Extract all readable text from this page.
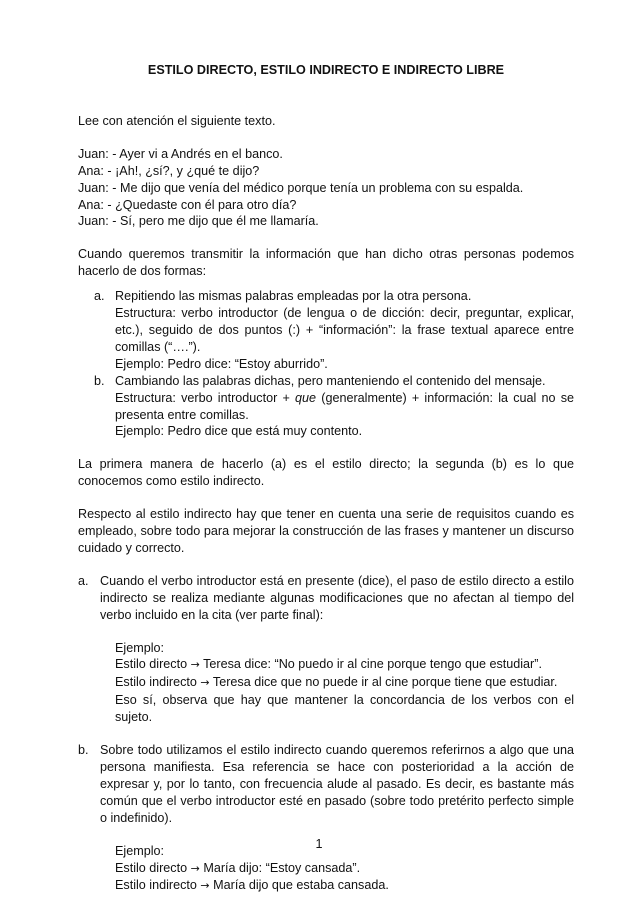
ESTILO DIRECTO, ESTILO INDIRECTO E INDIRECTO LIBRE

Lee con atención el siguiente texto.

Juan: - Ayer vi a Andrés en el banco.
Ana: - ¡Ah!, ¿sí?, y ¿qué te dijo?
Juan: - Me dijo que venía del médico porque tenía un problema con su espalda.
Ana: - ¿Quedaste con él para otro día?
Juan: - Sí, pero me dijo que él me llamaría.

Cuando queremos transmitir la información que han dicho otras personas podemos hacerlo de dos formas:

a. Repitiendo las mismas palabras empleadas por la otra persona.
Estructura: verbo introductor (de lengua o de dicción: decir, preguntar, explicar, etc.), seguido de dos puntos (:) + “información”: la frase textual aparece entre comillas (“….”).
Ejemplo: Pedro dice: “Estoy aburrido”.
b. Cambiando las palabras dichas, pero manteniendo el contenido del mensaje.
Estructura: verbo introductor + que (generalmente) + información: la cual no se presenta entre comillas.
Ejemplo: Pedro dice que está muy contento.

La primera manera de hacerlo (a) es el estilo directo; la segunda (b) es lo que conocemos como estilo indirecto.

Respecto al estilo indirecto hay que tener en cuenta una serie de requisitos cuando es empleado, sobre todo para mejorar la construcción de las frases y mantener un discurso cuidado y correcto.

a. Cuando el verbo introductor está en presente (dice), el paso de estilo directo a estilo indirecto se realiza mediante algunas modificaciones que no afectan al tiempo del verbo incluido en la cita (ver parte final):
Ejemplo:
Estilo directo → Teresa dice: “No puedo ir al cine porque tengo que estudiar”.
Estilo indirecto → Teresa dice que no puede ir al cine porque tiene que estudiar.
Eso sí, observa que hay que mantener la concordancia de los verbos con el sujeto.
b. Sobre todo utilizamos el estilo indirecto cuando queremos referirnos a algo que una persona manifiesta. Esa referencia se hace con posterioridad a la acción de expresar y, por lo tanto, con frecuencia alude al pasado. Es decir, es bastante más común que el verbo introductor esté en pasado (sobre todo pretérito perfecto simple o indefinido).
Ejemplo:
Estilo directo → María dijo: “Estoy cansada”.
Estilo indirecto → María dijo que estaba cansada.
1
